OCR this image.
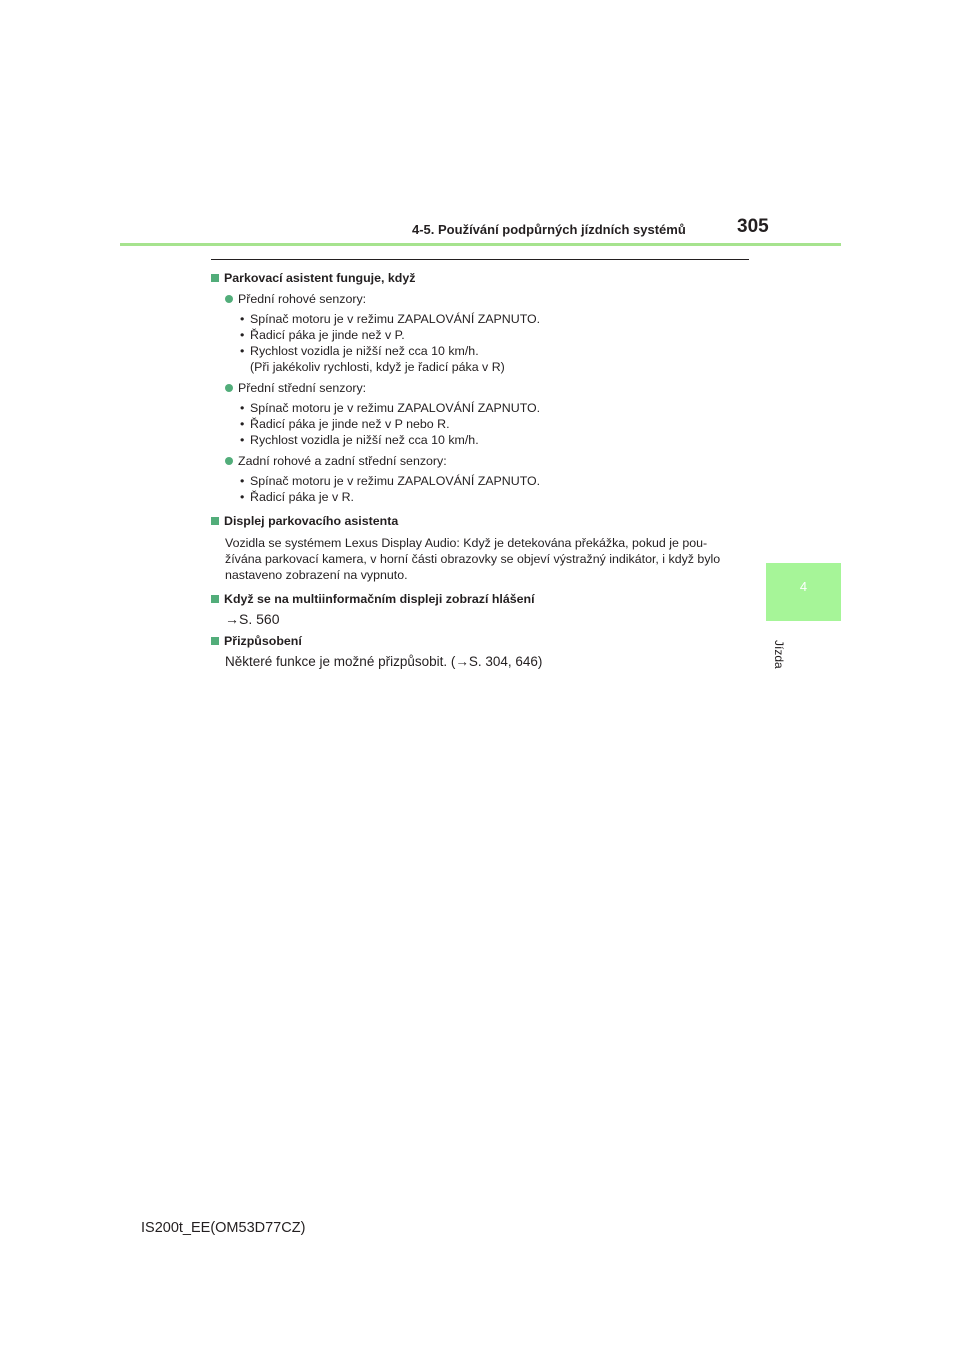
4-5. Používání podpůrných jízdních systémů	305
4
Jízda
Parkovací asistent funguje, když
Přední rohové senzory:
• Spínač motoru je v režimu ZAPALOVÁNÍ ZAPNUTO.
• Řadicí páka je jinde než v P.
• Rychlost vozidla je nižší než cca 10 km/h.
(Při jakékoliv rychlosti, když je řadicí páka v R)
Přední střední senzory:
• Spínač motoru je v režimu ZAPALOVÁNÍ ZAPNUTO.
• Řadicí páka je jinde než v P nebo R.
• Rychlost vozidla je nižší než cca 10 km/h.
Zadní rohové a zadní střední senzory:
• Spínač motoru je v režimu ZAPALOVÁNÍ ZAPNUTO.
• Řadicí páka je v R.
Displej parkovacího asistenta
Vozidla se systémem Lexus Display Audio: Když je detekována překážka, pokud je pou-
žívána parkovací kamera, v horní části obrazovky se objeví výstražný indikátor, i když bylo
nastaveno zobrazení na vypnuto.
Když se na multiinformačním displeji zobrazí hlášení
→S. 560
Přizpůsobení
Některé funkce je možné přizpůsobit. (→S. 304, 646)
IS200t_EE(OM53D77CZ)
